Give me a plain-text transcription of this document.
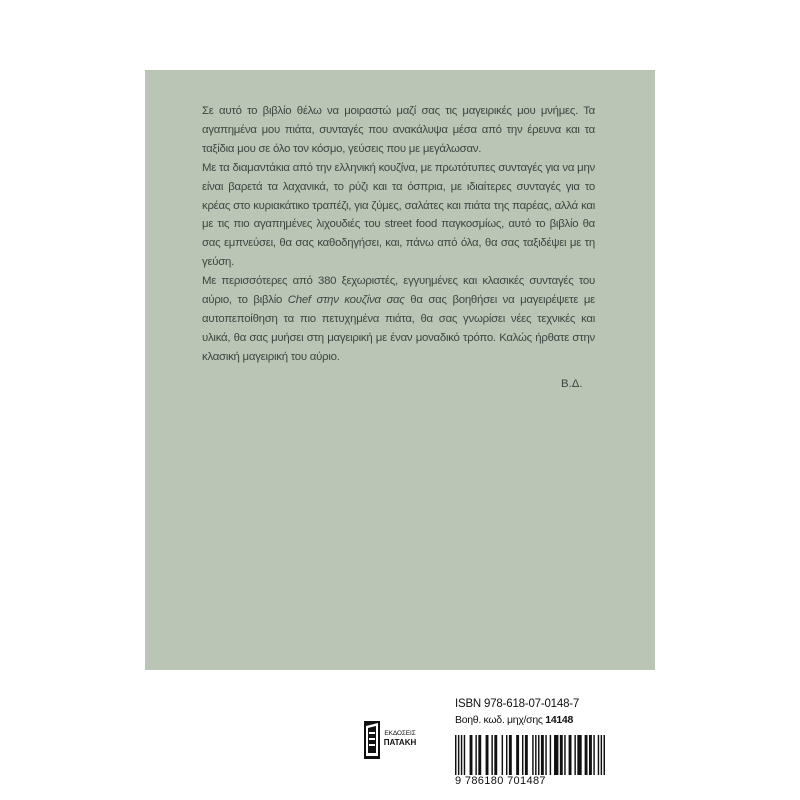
Σε αυτό το βιβλίο θέλω να μοιραστώ μαζί σας τις μαγειρικές μου μνήμες. Τα αγαπημένα μου πιάτα, συνταγές που ανακάλυψα μέσα από την έρευνα και τα ταξίδια μου σε όλο τον κόσμο, γεύσεις που με μεγάλωσαν.

Με τα διαμαντάκια από την ελληνική κουζίνα, με πρωτότυπες συνταγές για να μην είναι βαρετά τα λαχανικά, το ρύζι και τα όσπρια, με ιδιαίτερες συνταγές για το κρέας στο κυριακάτικο τραπέζι, για ζύμες, σαλάτες και πιάτα της παρέας, αλλά και με τις πιο αγαπημένες λιχουδιές του street food παγκοσμίως, αυτό το βιβλίο θα σας εμπνεύσει, θα σας καθοδηγήσει, και, πάνω από όλα, θα σας ταξιδέψει με τη γεύση.

Με περισσότερες από 380 ξεχωριστές, εγγυημένες και κλασικές συνταγές του αύριο, το βιβλίο Chef στην κουζίνα σας θα σας βοηθήσει να μαγειρέψετε με αυτοπεποίθηση τα πιο πετυχημένα πιάτα, θα σας γνωρίσει νέες τεχνικές και υλικά, θα σας μυήσει στη μαγειρική με έναν μοναδικό τρόπο. Καλώς ήρθατε στην κλασική μαγειρική του αύριο.

Β.Δ.
ΕΚΔΟΣΕΙΣ
ΠΑΤΑΚΗ
ISBN 978-618-07-0148-7
Βοηθ. κωδ. μηχ/σης 14148
9 786180 701487
